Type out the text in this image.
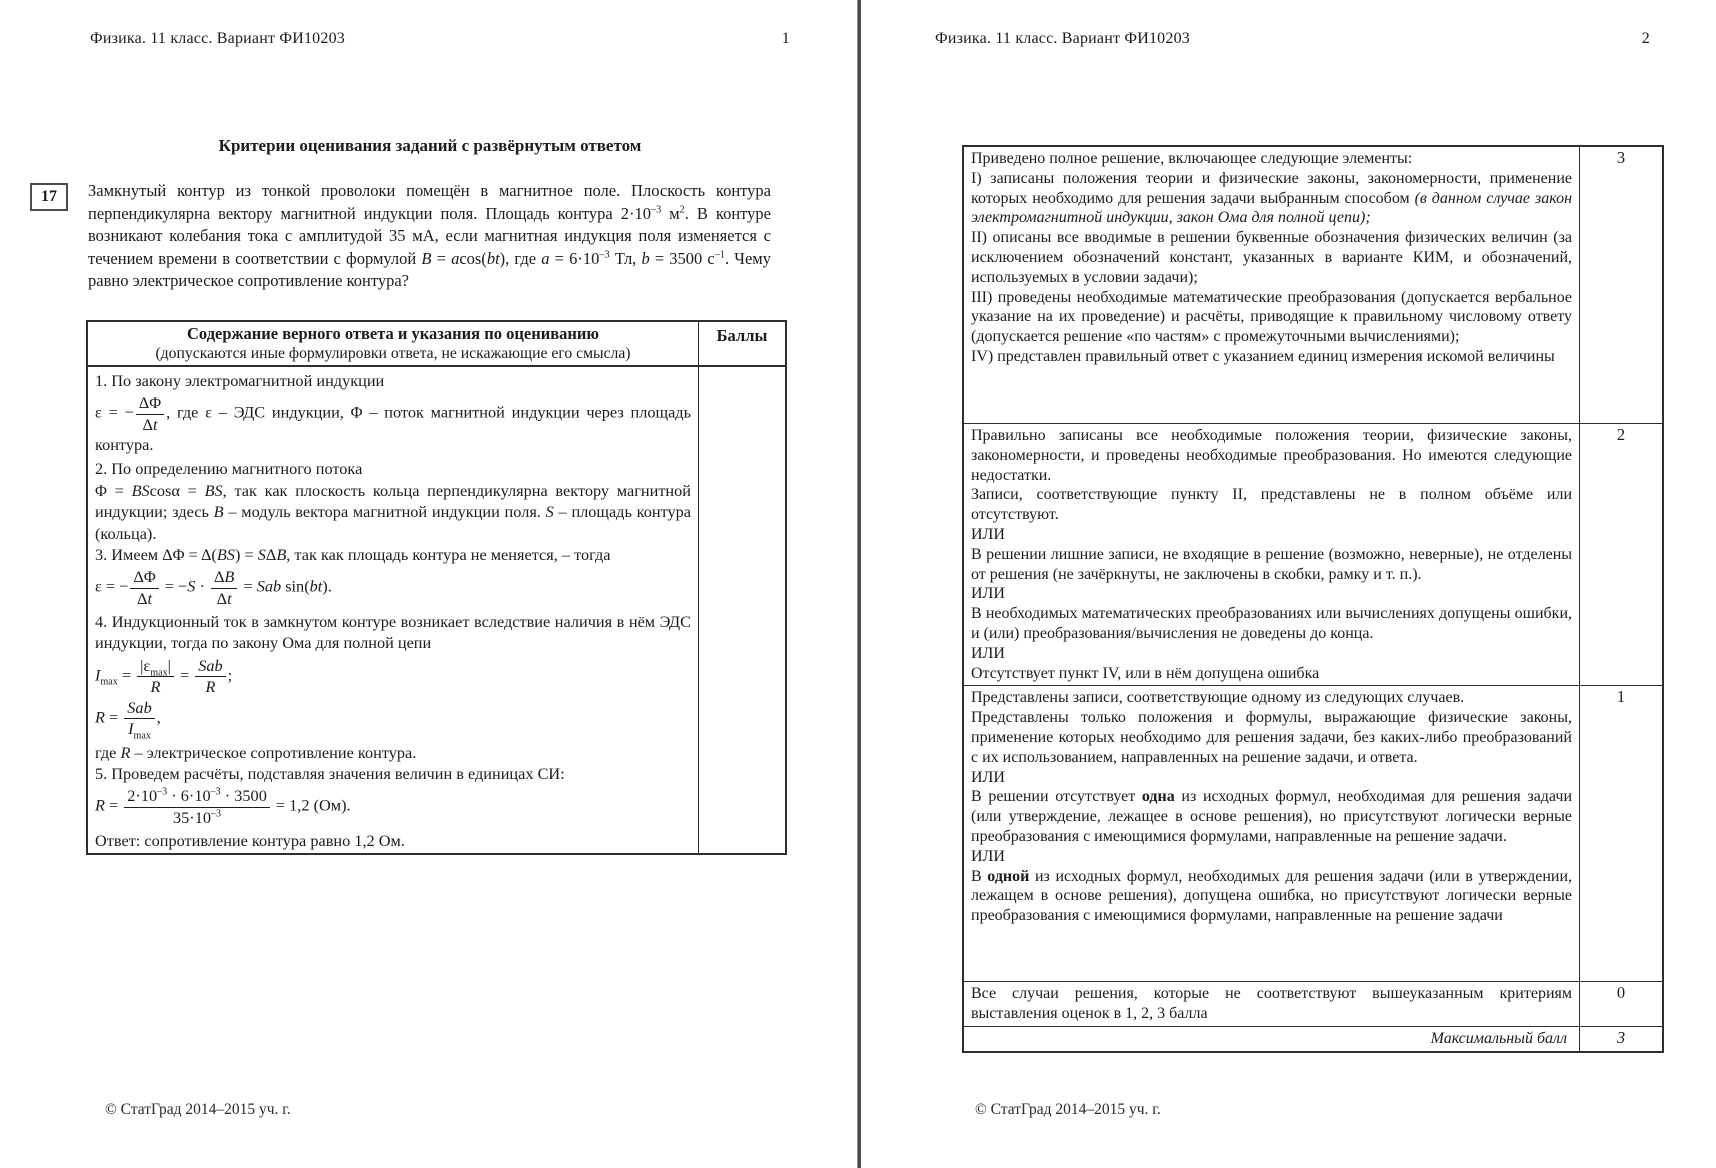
Физика. 11 класс. Вариант ФИ10203	1
Критерии оценивания заданий с развёрнутым ответом
17 Замкнутый контур из тонкой проволоки помещён в магнитное поле. Плоскость контура перпендикулярна вектору магнитной индукции поля. Площадь контура $2\cdot 10^{-3}$ $м^2$. В контуре возникают колебания тока с амплитудой 35 мА, если магнитная индукция поля изменяется с течением времени в соответствии с формулой B = acos(bt), где $a = 6\cdot 10^{-3}$ Тл, b = 3500 $с^{-1}$. Чему равно электрическое сопротивление контура?
Содержание верного ответа и указания по оцениванию
(допускаются иные формулировки ответа, не искажающие его смысла)	Баллы

1. По закону электромагнитной индукции
ε = − $\frac{\Delta\Phi}{\Delta t}$ , где ε – ЭДС индукции, Φ – поток магнитной индукции через площадь контура.
2. По определению магнитного потока
Φ = BScosα = BS, так как плоскость кольца перпендикулярна вектору магнитной индукции; здесь B – модуль вектора магнитной индукции поля. S – площадь контура (кольца).
3. Имеем ΔΦ = Δ(BS) = SΔB, так как площадь контура не меняется, – тогда
ε = − $\frac{\Delta\Phi}{\Delta t} = -S \cdot \frac{\Delta B}{\Delta t}$ = Sab sin(bt).
4. Индукционный ток в замкнутом контуре возникает вследствие наличия в нём ЭДС индукции, тогда по закону Ома для полной цепи
$I_{max} = \frac{|\varepsilon_{max}|}{R} = \frac{\text{Sab}}{R}$ ;
$R = \frac{\text{Sab}}{I_{max}}$ ,
где R – электрическое сопротивление контура.
5. Проведем расчёты, подставляя значения величин в единицах СИ:
$R = \frac{2\cdot 10^{-3} \cdot 6\cdot 10^{-3} \cdot 3500}{35\cdot 10^{-3}} = 1,2$ (Ом).
Ответ: сопротивление контура равно 1,2 Ом.

© СтатГрад 2014–2015 уч. г.
Физика. 11 класс. Вариант ФИ10203	2
Приведено полное решение, включающее следующие элементы:
I) записаны положения теории и физические законы, закономерности, применение которых необходимо для решения задачи выбранным способом (в данном случае закон электромагнитной индукции, закон Ома для полной цепи);
II) описаны все вводимые в решении буквенные обозначения физических величин (за исключением обозначений констант, указанных в варианте КИМ, и обозначений, используемых в условии задачи);
III) проведены необходимые математические преобразования (допускается вербальное указание на их проведение) и расчёты, приводящие к правильному числовому ответу (допускается решение «по частям» с промежуточными вычислениями);
IV) представлен правильный ответ с указанием единиц измерения искомой величины	3

Правильно записаны все необходимые положения теории, физические законы, закономерности, и проведены необходимые преобразования. Но имеются следующие недостатки.
Записи, соответствующие пункту II, представлены не в полном объёме или отсутствуют.
ИЛИ
В решении лишние записи, не входящие в решение (возможно, неверные), не отделены от решения (не зачёркнуты, не заключены в скобки, рамку и т. п.).
ИЛИ
В необходимых математических преобразованиях или вычислениях допущены ошибки, и (или) преобразования/вычисления не доведены до конца.
ИЛИ
Отсутствует пункт IV, или в нём допущена ошибка
	2

Представлены записи, соответствующие одному из следующих случаев.
Представлены только положения и формулы, выражающие физические законы, применение которых необходимо для решения задачи, без каких-либо преобразований с их использованием, направленных на решение задачи, и ответа.
ИЛИ
В решении отсутствует одна из исходных формул, необходимая для решения задачи (или утверждение, лежащее в основе решения), но присутствуют логически верные преобразования с имеющимися формулами, направленные на решение задачи.
ИЛИ
В одной из исходных формул, необходимых для решения задачи (или в утверждении, лежащем в основе решения), допущена ошибка, но присутствуют логически верные преобразования с имеющимися формулами, направленные на решение задачи
	1

Все случаи решения, которые не соответствуют вышеуказанным критериям выставления оценок в 1, 2, 3 балла	0
Максимальный балл	3
© СтатГрад 2014–2015 уч. г.
